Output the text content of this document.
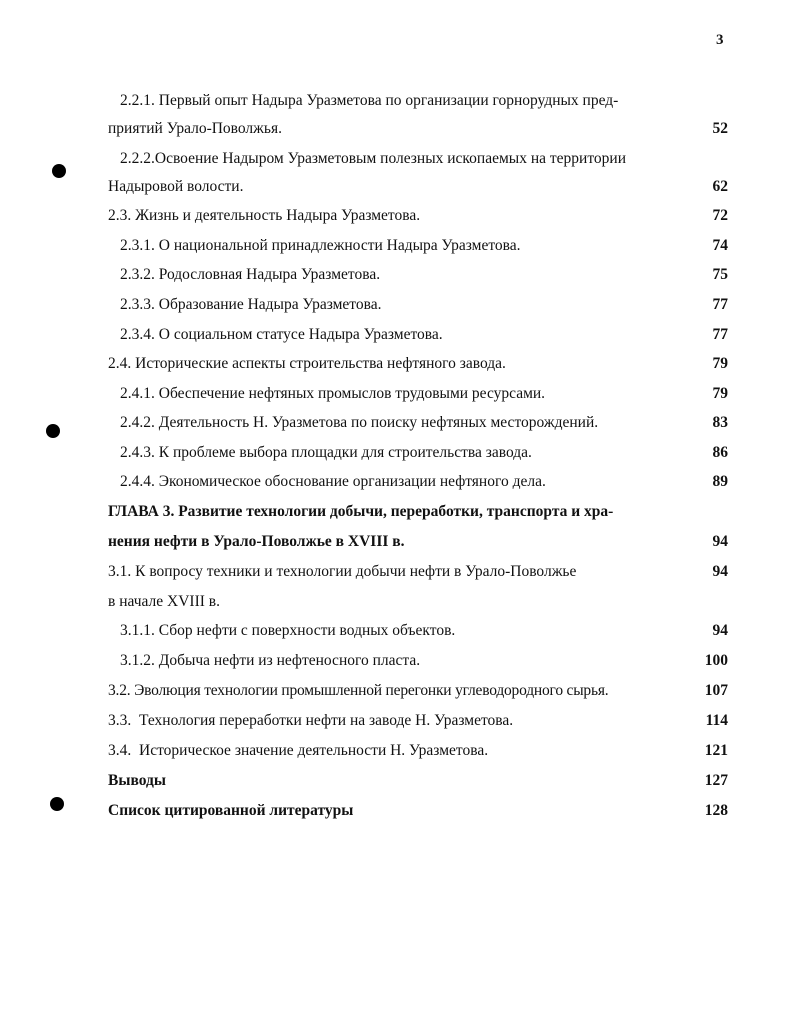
3
2.2.1. Первый опыт Надыра Уразметова по организации горнорудных пред-
приятий Урало-Поволжья.	52
2.2.2.Освоение Надыром Уразметовым полезных ископаемых на территории
Надыровой волости.	62
2.3. Жизнь и деятельность Надыра Уразметова.	72
2.3.1. О национальной принадлежности Надыра Уразметова.	74
2.3.2. Родословная Надыра Уразметова.	75
2.3.3. Образование Надыра Уразметова.	77
2.3.4. О социальном статусе Надыра Уразметова.	77
2.4. Исторические аспекты строительства нефтяного завода.	79
2.4.1. Обеспечение нефтяных промыслов трудовыми ресурсами.	79
2.4.2. Деятельность Н. Уразметова по поиску нефтяных месторождений.	83
2.4.3. К проблеме выбора площадки для строительства завода.	86
2.4.4. Экономическое обоснование организации нефтяного дела.	89
ГЛАВА 3. Развитие технологии добычи, переработки, транспорта и хра-
нения нефти в Урало-Поволжье в XVIII в.	94
3.1. К вопросу техники и технологии добычи нефти в Урало-Поволжье	94
в начале XVIII в.
3.1.1. Сбор нефти с поверхности водных объектов.	94
3.1.2. Добыча нефти из нефтеносного пласта.	100
3.2. Эволюция технологии промышленной перегонки углеводородного сырья.	107
3.3.  Технология переработки нефти на заводе Н. Уразметова.	114
3.4.  Историческое значение деятельности Н. Уразметова.	121
Выводы	127
Список цитированной литературы	128
